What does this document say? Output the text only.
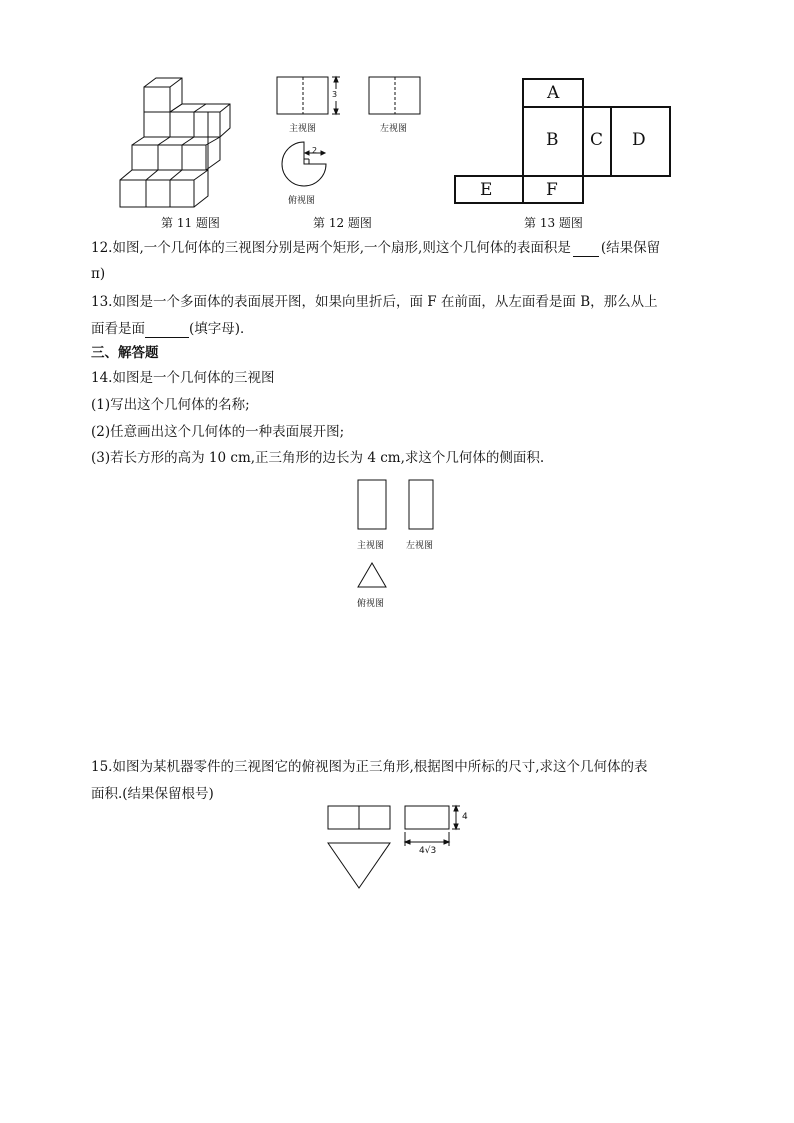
第 11 题图
3
2
主视图	左视图
俯视图
第 12 题图
A
B C D
E	F
第 13 题图
12.如图,一个几何体的三视图分别是两个矩形,一个扇形,则这个几何体的表面积是 (结果保留
π)
13.如图是一个多面体的表面展开图，如果向里折后，面 F 在前面，从左面看是面 B，那么从上
面看是面	(填字母)．
三、解答题
14.如图是一个几何体的三视图
(1)写出这个几何体的名称;
(2)任意画出这个几何体的一种表面展开图;
(3)若长方形的高为 10 cm,正三角形的边长为 4 cm,求这个几何体的侧面积.
主视图 左视图
俯视图
15.如图为某机器零件的三视图它的俯视图为正三角形,根据图中所标的尺寸,求这个几何体的表
面积.(结果保留根号)
4
4√3
